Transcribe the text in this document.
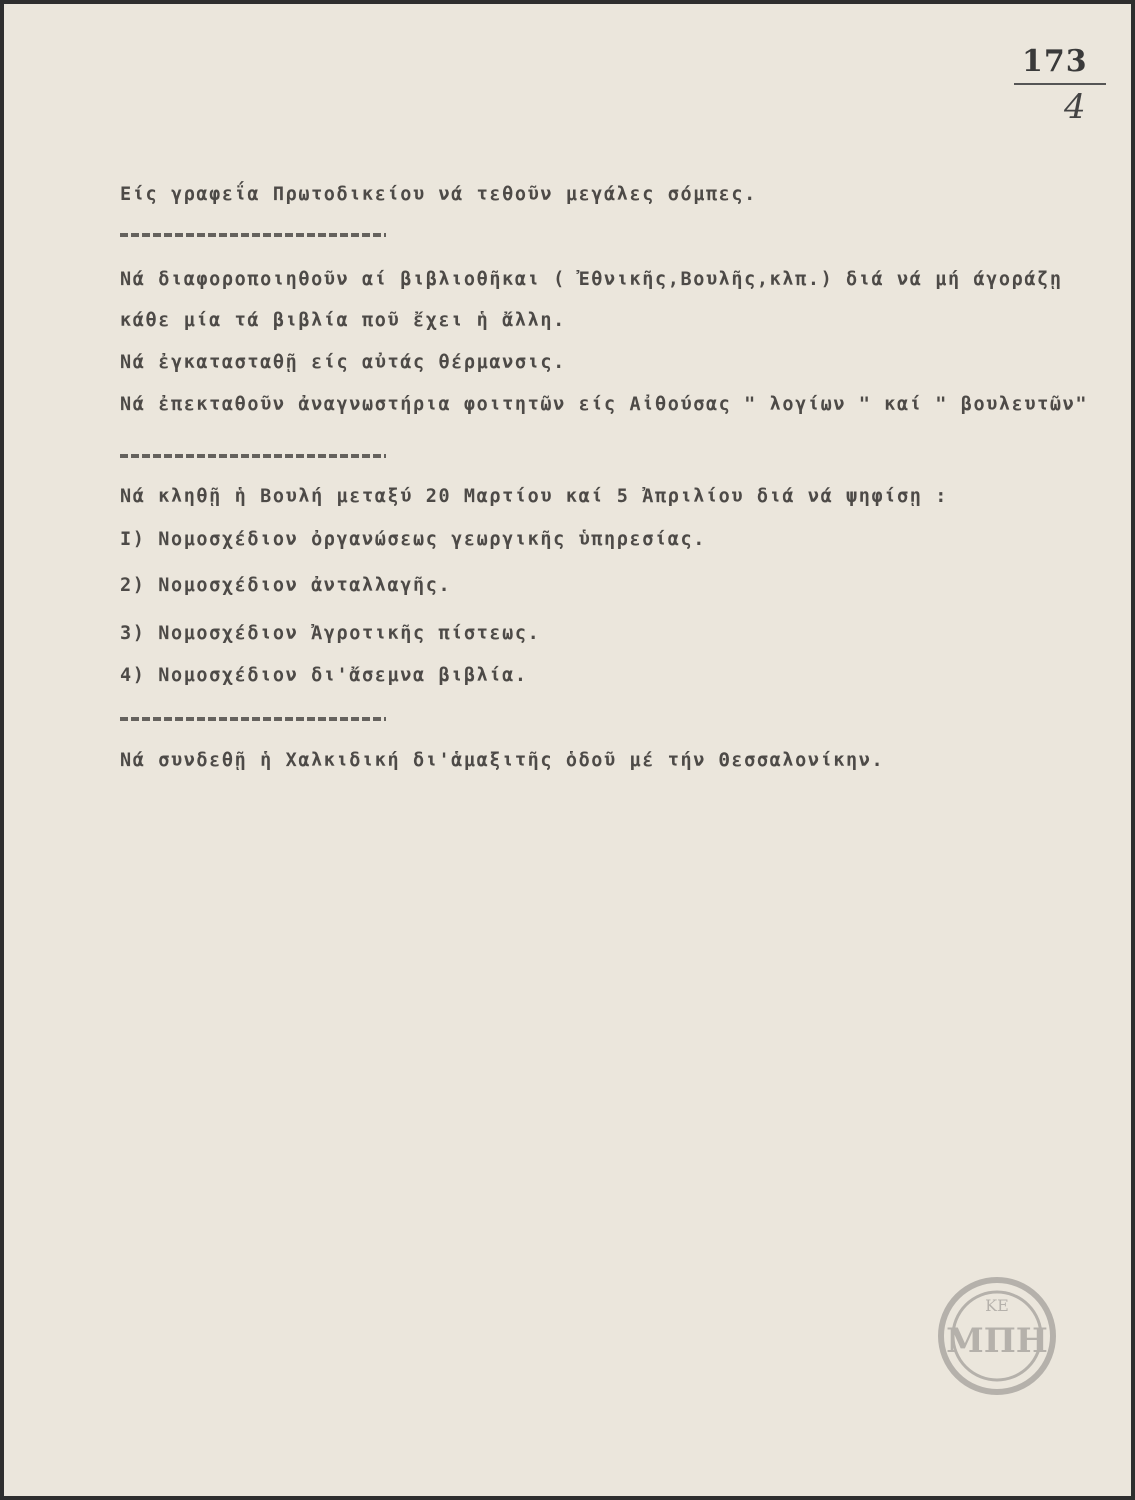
173
4
Είς γραφεΐα Πρωτοδικείου νά τεθοῦν μεγάλες σόμπες.
Νά διαφοροποιηθοῦν αί βιβλιοθῆκαι ( Ἐθνικῆς,Βουλῆς,κλπ.) διά νά μή άγοράζῃ
κάθε μία τά βιβλία ποῦ ἔχει ἡ ἄλλη.
Νά ἐγκατασταθῇ είς αὐτάς θέρμανσις.
Νά ἐπεκταθοῦν ἀναγνωστήρια φοιτητῶν είς Αἰθούσας " λογίων " καί " βουλευτῶν"
Νά κληθῇ ἡ Βουλή μεταξύ 20 Μαρτίου καί 5 Ἀπριλίου διά νά ψηφίσῃ :
Ι) Νομοσχέδιον ὀργανώσεως γεωργικῆς ὑπηρεσίας.
2) Νομοσχέδιον ἀνταλλαγῆς.
3) Νομοσχέδιον Ἀγροτικῆς πίστεως.
4) Νομοσχέδιον δι'ἄσεμνα βιβλία.
Νά συνδεθῇ ἡ Χαλκιδική δι'ἁμαξιτῆς ὁδοῦ μέ τήν Θεσσαλονίκην.
ΚΕ
ΜΠΗ
